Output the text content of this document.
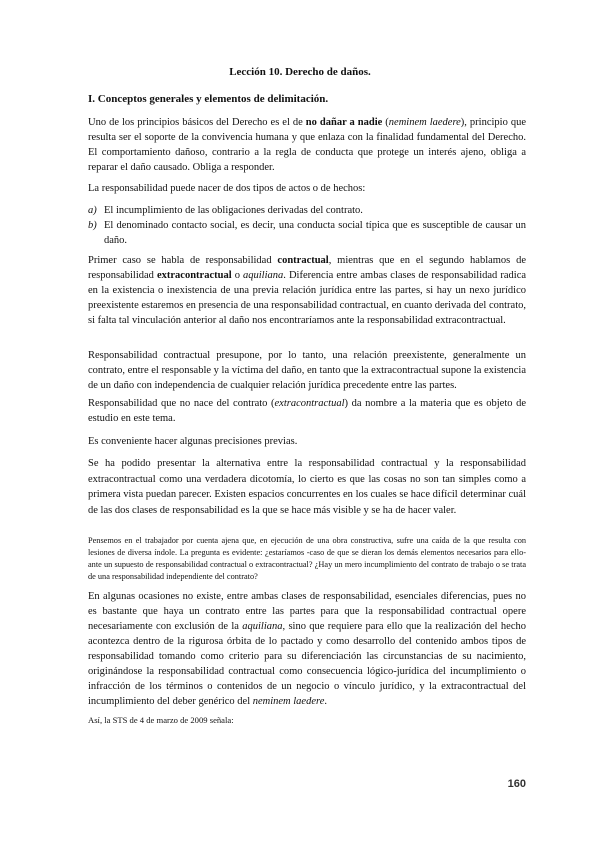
Lección 10. Derecho de daños.
I. Conceptos generales y elementos de delimitación.
Uno de los principios básicos del Derecho es el de no dañar a nadie (neminem laedere), principio que resulta ser el soporte de la convivencia humana y que enlaza con la finalidad fundamental del Derecho. El comportamiento dañoso, contrario a la regla de conducta que protege un interés ajeno, obliga a reparar el daño causado. Obliga a responder.
La responsabilidad puede nacer de dos tipos de actos o de hechos:
a) El incumplimiento de las obligaciones derivadas del contrato.
b) El denominado contacto social, es decir, una conducta social típica que es susceptible de causar un daño.
Primer caso se habla de responsabilidad contractual, mientras que en el segundo hablamos de responsabilidad extracontractual o aquiliana. Diferencia entre ambas clases de responsabilidad radica en la existencia o inexistencia de una previa relación jurídica entre las partes, si hay un nexo jurídico preexistente estaremos en presencia de una responsabilidad contractual, en cuanto derivada del contrato, si falta tal vinculación anterior al daño nos encontraríamos ante la responsabilidad extracontractual.
Responsabilidad contractual presupone, por lo tanto, una relación preexistente, generalmente un contrato, entre el responsable y la víctima del daño, en tanto que la extracontractual supone la existencia de un daño con independencia de cualquier relación jurídica precedente entre las partes.
Responsabilidad que no nace del contrato (extracontractual) da nombre a la materia que es objeto de estudio en este tema.
Es conveniente hacer algunas precisiones previas.
Se ha podido presentar la alternativa entre la responsabilidad contractual y la responsabilidad extracontractual como una verdadera dicotomía, lo cierto es que las cosas no son tan simples como a primera vista puedan parecer. Existen espacios concurrentes en los cuales se hace difícil determinar cuál de las dos clases de responsabilidad es la que se hace más visible y se ha de hacer valer.
Pensemos en el trabajador por cuenta ajena que, en ejecución de una obra constructiva, sufre una caída de la que resulta con lesiones de diversa índole. La pregunta es evidente: ¿estaríamos -caso de que se dieran los demás elementos necesarios para ello- ante un supuesto de responsabilidad contractual o extracontractual? ¿Hay un mero incumplimiento del contrato de trabajo o se trata de una responsabilidad independiente del contrato?
En algunas ocasiones no existe, entre ambas clases de responsabilidad, esenciales diferencias, pues no es bastante que haya un contrato entre las partes para que la responsabilidad contractual opere necesariamente con exclusión de la aquiliana, sino que requiere para ello que la realización del hecho acontezca dentro de la rigurosa órbita de lo pactado y como desarrollo del contenido ambos tipos de responsabilidad tomando como criterio para su diferenciación las circunstancias de su nacimiento, originándose la responsabilidad contractual como consecuencia lógico-jurídica del incumplimiento o infracción de los términos o contenidos de un negocio o vínculo jurídico, y la extracontractual del incumplimiento del deber genérico del neminem laedere.
Así, la STS de 4 de marzo de 2009 señala:
160
